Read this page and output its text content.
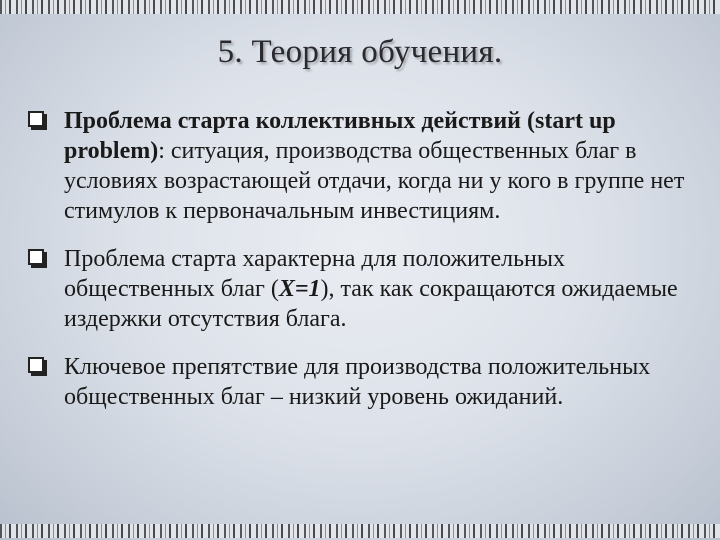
5. Теория обучения.
Проблема старта коллективных действий (start up problem): ситуация, производства общественных благ в условиях возрастающей отдачи, когда ни у кого в группе нет стимулов к первоначальным инвестициям.
Проблема старта характерна для положительных общественных благ (X=1), так как сокращаются ожидаемые издержки отсутствия блага.
Ключевое препятствие для производства положительных общественных благ – низкий уровень ожиданий.
